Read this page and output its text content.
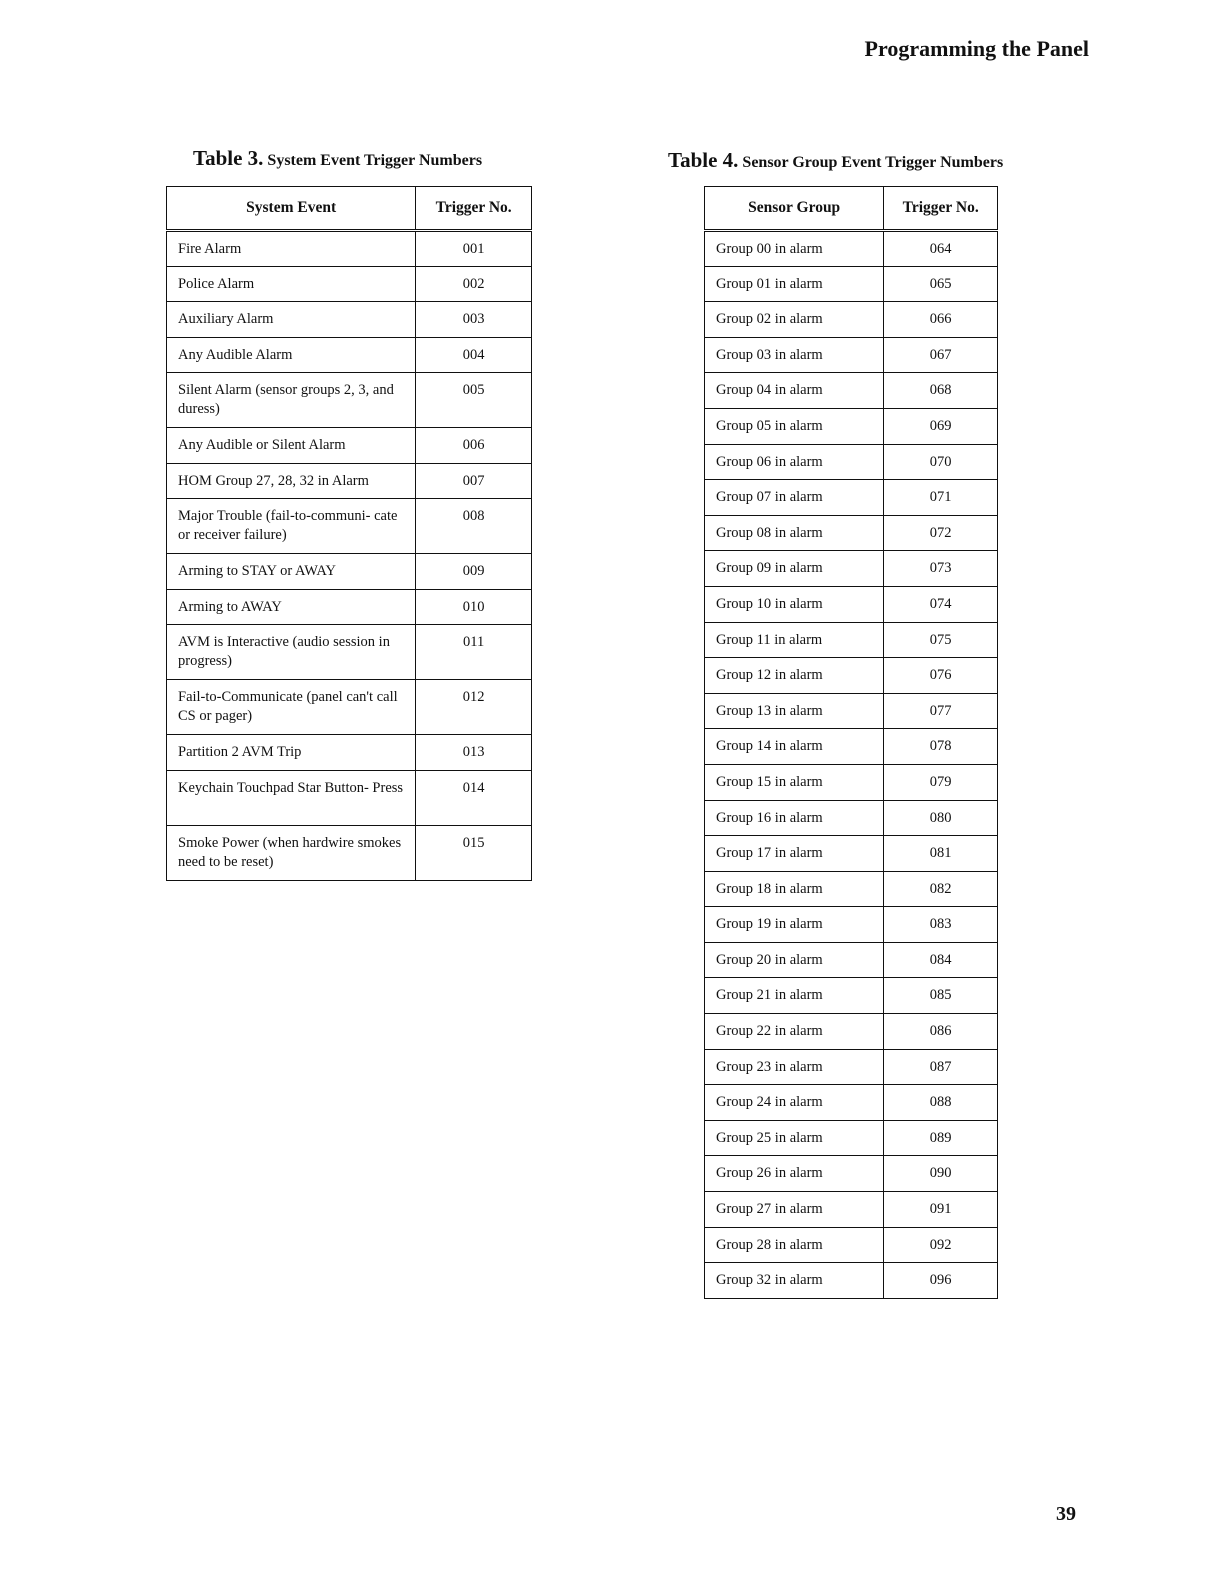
Programming the Panel
Table 3. System Event Trigger Numbers
System Event	Trigger No.
Fire Alarm	001
Police Alarm	002
Auxiliary Alarm	003
Any Audible Alarm	004
Silent Alarm (sensor groups 2, 3, and duress)	005
Any Audible or Silent Alarm	006
HOM Group 27, 28, 32 in Alarm	007
Major Trouble (fail-to-communi- cate or receiver failure)	008
Arming to STAY or AWAY	009
Arming to AWAY	010
AVM is Interactive (audio session in progress)	011
Fail-to-Communicate (panel can't call CS or pager)	012
Partition 2 AVM Trip	013
Keychain Touchpad Star Button- Press	014
Smoke Power (when hardwire smokes need to be reset)	015
Table 4. Sensor Group Event Trigger Numbers
Sensor Group	Trigger No.
Group 00 in alarm	064
Group 01 in alarm	065
Group 02 in alarm	066
Group 03 in alarm	067
Group 04 in alarm	068
Group 05 in alarm	069
Group 06 in alarm	070
Group 07 in alarm	071
Group 08 in alarm	072
Group 09 in alarm	073
Group 10 in alarm	074
Group 11 in alarm	075
Group 12 in alarm	076
Group 13 in alarm	077
Group 14 in alarm	078
Group 15 in alarm	079
Group 16 in alarm	080
Group 17 in alarm	081
Group 18 in alarm	082
Group 19 in alarm	083
Group 20 in alarm	084
Group 21 in alarm	085
Group 22 in alarm	086
Group 23 in alarm	087
Group 24 in alarm	088
Group 25 in alarm	089
Group 26 in alarm	090
Group 27 in alarm	091
Group 28 in alarm	092
Group 32 in alarm	096
39
